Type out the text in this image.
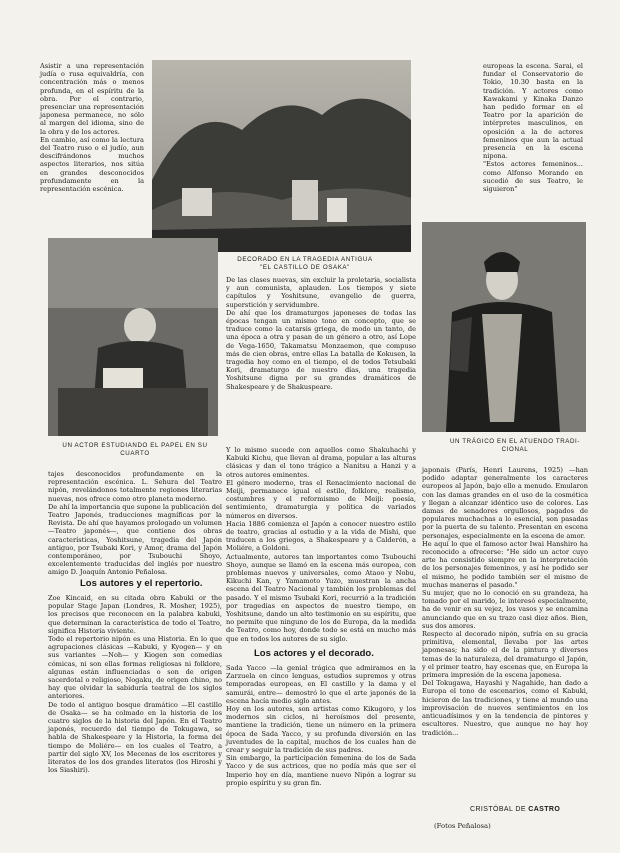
Asistir a una representación judía o rusa equivaldría, con concentración más o menos profunda, en el espíritu de la obra. Por el contrario, presenciar una representación japonesa permanece, no sólo al margen del idioma, sino de la obra y de los actores.
En cambio, así como la lectura del Teatro ruso o el judío, aun descifrándonos muchos aspectos literarios, nos sitúa en grandes desconocidos profundamente en la representación escénica.
DECORADO EN LA TRAGEDIA ANTIGUA
"EL CASTILLO DE OSAKA"
europeas la escena. Sarai, el fundar el Conservatorio de Tokio, 10.30 basta en la tradición. Y actores como Kawakami y Kinaka Danzo han pedido formar en el Teatro por la aparición de intérpretes masculinos, en oposición a la de actores femeninos que aun la actual presencia en la escena nipona.
"Estos actores femeninos... como Alfonso Morando en sucedió de sus Teatro, le siguieron"
UN ACTOR ESTUDIANDO EL PAPEL EN SU
CUARTO
UN TRÁGICO EN EL ATUENDO TRADI-
CIONAL
De las clases nuevas, sin excluir la proletaria, socialista y aun comunista, aplauden. Los tiempos y siete capítulos y Yoshitsune, evangelio de guerra, superstición y servidumbre.
De ahí que los dramaturgos japoneses de todas las épocas tengan un mismo tono en concepto, que se traduce como la catarsis griega, de modo un tanto, de una época a otra y pasan de un género a otro, así Lope de Vega-1650, Takamatsu Monzaemon, que compuso más de cien obras, entre ellas La batalla de Kokusen, la tragedia hoy como en el tiempo, el de todos Tetsubaki Kori, dramaturgo de nuestro días, una tragedia Yoshitsune digna por su grandes dramáticos de Shakespeare y de Shakuspeare.
tajes desconocidos profundamente en la representación escénica. L. Sehura del Teatro nipón, revelándonos totalmente regiones literarias nuevas, nos ofrece como otro planeta moderno.
De ahí la importancia que supone la publicación del Teatro Japonés, traducciones magníficas por la Revista. De ahí que hayamos prologado un volumen —Teatro japonés—, que contiene dos obras características, Yoshitsune, tragedia del Japón antiguo, por Tsubaki Kori, y Amor, drama del Japón contemporáneo, por Tsubouchi Shoyo, excelentemente traducidas del inglés por nuestro amigo D. Joaquín Antonio Peñalosa.
Los autores y el repertorio.
Zoe Kincaid, en su citada obra Kabuki or the popular Stage Japan (Londres, R. Mosher, 1925), los precisos que reconocen en la palabra kabuki, que determinan la característica de todo el Teatro, significa Historia viviente.
Todo el repertorio nipón es una Historia. En lo que agrupaciones clásicas —Kabuki, y Kyogen— y en sus variantes —Noh— y Kiogen son comedias cómicas, ni son ellas formas religiosas ni folklore, algunas están influenciadas o son de origen sacerdotal o religioso, Nogaku, de origen chino, no hay que olvidar la sabiduría teatral de los siglos anteriores.
De todo el antiguo bosque dramático —El castillo de Osaka— se ha colmado en la historia de los cuatro siglos de la historia del Japón. En el Teatro japonés, recuerdo del tiempo de Tokugawa, se habla de Shakespeare y la Historia, la forma del tiempo de Moliére— en los cuales el Teatro, a partir del siglo XV, los Mecenas de los escritores y literatos de los dos grandes literatos (los Hiroshi y los Siashiri).
Y lo mismo sucede con aquellos como Shakuhachi y Kabuki Kichu, que llevan al drama, popular a las alturas clásicas y dan el tono trágico a Nanitsu a Hanzi y a otros autores eminentes.
El género moderno, tras el Renacimiento nacional de Meiji, permanece igual el estilo, folklore, realismo, costumbres y el reformismo de Meiji: poesía, sentimiento, dramaturgia y política de variados números en diversos.
Hacia 1886 comienza el Japón a conocer nuestro estilo de teatro, gracias al estudio y a la vida de Mishi, que traducen a los griegos, a Shakespeare y a Calderón, a Moliére, a Goldoni.
Actualmente, autores tan importantes como Tsubouchi Shoyo, aunque se llamó en la escena más europea, con problemas nuevos y universales, como Ataoo y Nobu, Kikuchi Kan, y Yamamoto Yuzo, muestran la ancha escena del Teatro Nacional y también los problemas del pasado. Y el mismo Tsubaki Kori, recurrió a la tradición por tragedias en aspectos de nuestro tiempo, en Yoshitsune, dando un alto testimonio en su espíritu, que no permite que ninguno de los de Europa, da la medida de Teatro, como hoy, donde todo se está en mucho más que en todos los autores de su siglo.
Los actores y el decorado.
Sada Yacco —la genial trágica que admiramos en la Zarzuela en cinco lenguas, estudios supremos y otras temporadas europeas, en El castillo y la dama y el samurái, entre— demostró lo que el arte japonés de la escena hacía medio siglo antes.
Hoy en los autores, son artistas como Kikugoro, y los modernos sin ciclos, ni heroísmos del presente, mantiene la tradición, tiene un número en la primera época de Sada Yacco, y su profunda diversión en las juventudes de la capital, muchos de los cuales han de crear y seguir la tradición de sus padres.
Sin embargo, la participación femenina de los de Sada Yacco y de sus actrices, que no podía más que ser el Imperio hoy en día, mantiene nuevo Nipón a lograr su propio espíritu y su gran fin.
japonais (París, Henri Laurens, 1925) —han podido adaptar generalmente los caracteres europeos al Japón, bajo ello a menudo. Emularon con las damas grandes en el uso de la cosmética y llegan a alcanzar idéntico uso de colores. Las damas de senadores orgullosos, pagados de populares muchachas a lo esencial, son pasadas por la puerta de su talento. Presentan en escena personajes, especialmente en la escena de amor.
He aquí lo que el famoso actor Iwai Hanshiro ha reconocido a ofrecerse: "He sido un actor cuyo arte ha consistido siempre en la interpretación de los personajes femeninos, y así he podido ser el mismo, he podido también ser el mismo de muchas maneras el pasado."
Su mujer, que no lo conoció en su grandeza, ha tomado por el marido, le interesó especialmente, ha de venir en su vejez, los vasos y se encamina anunciando que en su trazo casi diez años. Bien, sus dos amores.
Respecto al decorado nipón, sufría en su gracia primitiva, elemental, llevaba por las artes japonesas; ha sido el de la pintura y diversos temas de la naturaleza, del dramaturgo el Japón, y el primer teatro, hay escenas que, en Europa la primera impresión de la escena japonesa.
Del Tokugawa, Hayashi y Nagahide, han dado a Europa el tono de escenarios, como el Kabuki, hicieron de las tradiciones, y tiene al mundo una improvisación de nuevos sentimientos en los anticuadísimos y en la tendencia de pintores y escultores. Nuestro, que aunque no hay hoy tradición...
CRISTÓBAL DE CASTRO
(Fotos Peñalosa)
